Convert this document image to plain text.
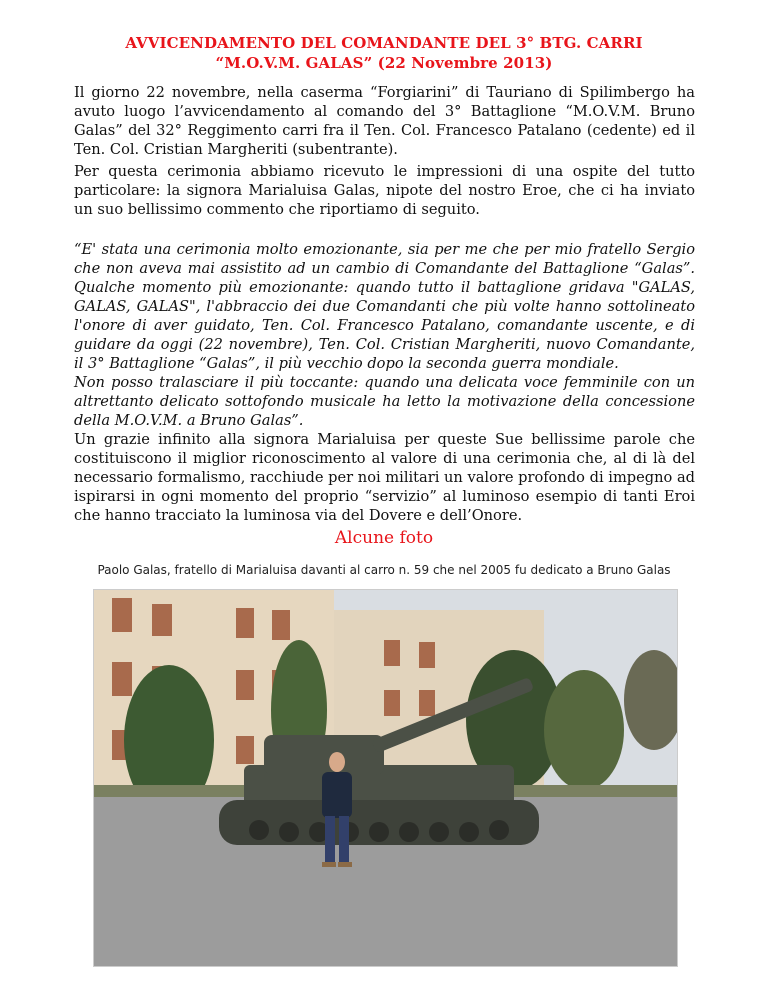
AVVICENDAMENTO DEL COMANDANTE DEL 3° BTG. CARRI
“M.O.V.M. GALAS” (22 Novembre 2013)
Il giorno 22 novembre, nella caserma “Forgiarini” di Tauriano di Spilimbergo ha avuto luogo l’avvicendamento al comando del 3° Battaglione “M.O.V.M. Bruno Galas” del 32° Reggimento carri fra il Ten. Col. Francesco Patalano (cedente) ed il Ten. Col. Cristian Margheriti (subentrante).
Per questa cerimonia abbiamo ricevuto le impressioni di una ospite del tutto particolare: la signora Marialuisa Galas, nipote del nostro Eroe, che ci ha inviato un suo bellissimo commento che riportiamo di seguito.

“E' stata una cerimonia molto emozionante, sia per me che per mio fratello Sergio che non aveva mai assistito ad un cambio di Comandante del Battaglione “Galas”. Qualche momento più emozionante: quando tutto il battaglione gridava "GALAS, GALAS, GALAS", l'abbraccio dei due Comandanti che più volte hanno sottolineato l'onore di aver guidato, Ten. Col. Francesco Patalano, comandante uscente, e di guidare da oggi (22 novembre), Ten. Col. Cristian Margheriti, nuovo Comandante, il 3° Battaglione “Galas”, il più vecchio dopo la seconda guerra mondiale.

Non posso tralasciare il più toccante: quando una delicata voce femminile con un altrettanto delicato sottofondo musicale ha letto la motivazione della concessione della M.O.V.M. a Bruno Galas”.

Un grazie infinito alla signora Marialuisa per queste Sue bellissime parole che costituiscono il miglior riconoscimento al valore di una cerimonia che, al di là del necessario formalismo, racchiude per noi militari un valore profondo di impegno ad ispirarsi in ogni momento del proprio “servizio” al luminoso esempio di tanti Eroi che hanno tracciato la luminosa via del Dovere e dell’Onore.
Alcune foto
Paolo Galas, fratello di Marialuisa davanti al carro n. 59 che nel 2005 fu dedicato a Bruno Galas
